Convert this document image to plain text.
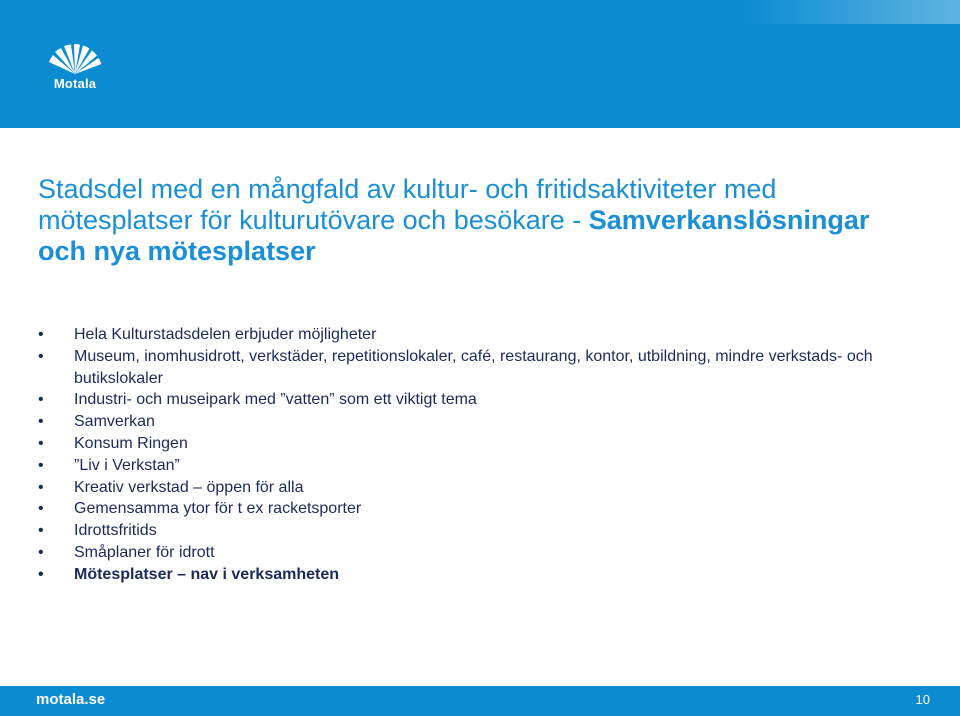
Motala
Stadsdel med en mångfald av kultur- och fritidsaktiviteter med mötesplatser för kulturutövare och besökare - Samverkanslösningar och nya mötesplatser
• Hela Kulturstadsdelen erbjuder möjligheter
• Museum, inomhusidrott, verkstäder, repetitionslokaler, café, restaurang, kontor, utbildning, mindre verkstads- och butikslokaler
• Industri- och museipark med ”vatten” som ett viktigt tema
• Samverkan
• Konsum Ringen
• ”Liv i Verkstan”
• Kreativ verkstad – öppen för alla
• Gemensamma ytor för t ex racketsporter
• Idrottsfritids
• Småplaner för idrott
• Mötesplatser – nav i verksamheten
motala.se	10
